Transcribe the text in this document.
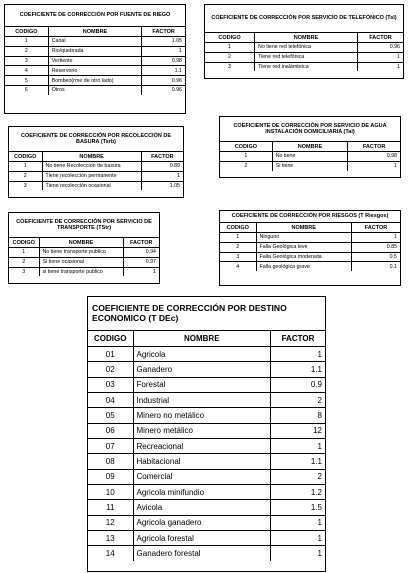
COEFICIENTE DE CORRECCIÓN POR FUENTE DE RIEGO
CODIGO	NOMBRE	FACTOR
1	Canal	1.05
2	Rio/quebrada	1
3	Vertiente	0.98
4	Reservorio	1.1
5	Bombeo(rme de otro lado)	0.96
6	Otros	0.96
COEFICIENTE DE CORRECCIÓN POR SERVICIO DE TELEFÓNICO (Tsl)
CODIGO	NOMBRE	FACTOR
1	No tiene red telefónica	0.96
2	Tiene red telefónica	1
3	Tiene red inalámbrica	1
COEFICIENTE DE CORRECCIÓN POR RECOLECCIÓN DE BASURA (Tsrb)
CODIGO	NOMBRE	FACTOR
1	No tiene Recolección de basura	0.89
2	Tiene recolección permanente	1
3	Tiene recolección ocasional	1.05
COEFICIENTE DE CORRECCIÓN POR SERVICIO DE AGUA INSTALACIÓN DOMICILIARIA (Tal)
CODIGO	NOMBRE	FACTOR
1	No tiene	0.98
2	Si tiene	1
COEFICIENTE DE CORRECCIÓN POR SERVICIO DE TRANSPORTE (TStr)
CODIGO	NOMBRE	FACTOR
1	No tiene transporte publico	0.94
2	Si tiene ocasional	0.97
3	si tiene transporte publico	1
COEFICIENTE DE CORRECCIÓN POR RIESGOS (T Riesgos)
CODIGO	NOMBRE	FACTOR
1	Ninguno	1
2	Falla Geológica leve	0.85
3	Falla Geológica moderada	0.5
4	Falla geológica grave	0.1
COEFICIENTE DE CORRECCIÓN POR DESTINO ECONOMICO (T DEc)
CODIGO	NOMBRE	FACTOR
01	Agricola	1
02	Ganadero	1.1
03	Forestal	0.9
04	Industrial	2
05	Minero no metálico	8
06	Minero metálico	12
07	Recreacional	1
08	Habitacional	1.1
09	Comercial	2
10	Agricola minifundio	1.2
11	Avicola	1.5
12	Agricola ganadero	1
13	Agricola forestal	1
14	Ganadero forestal	1
